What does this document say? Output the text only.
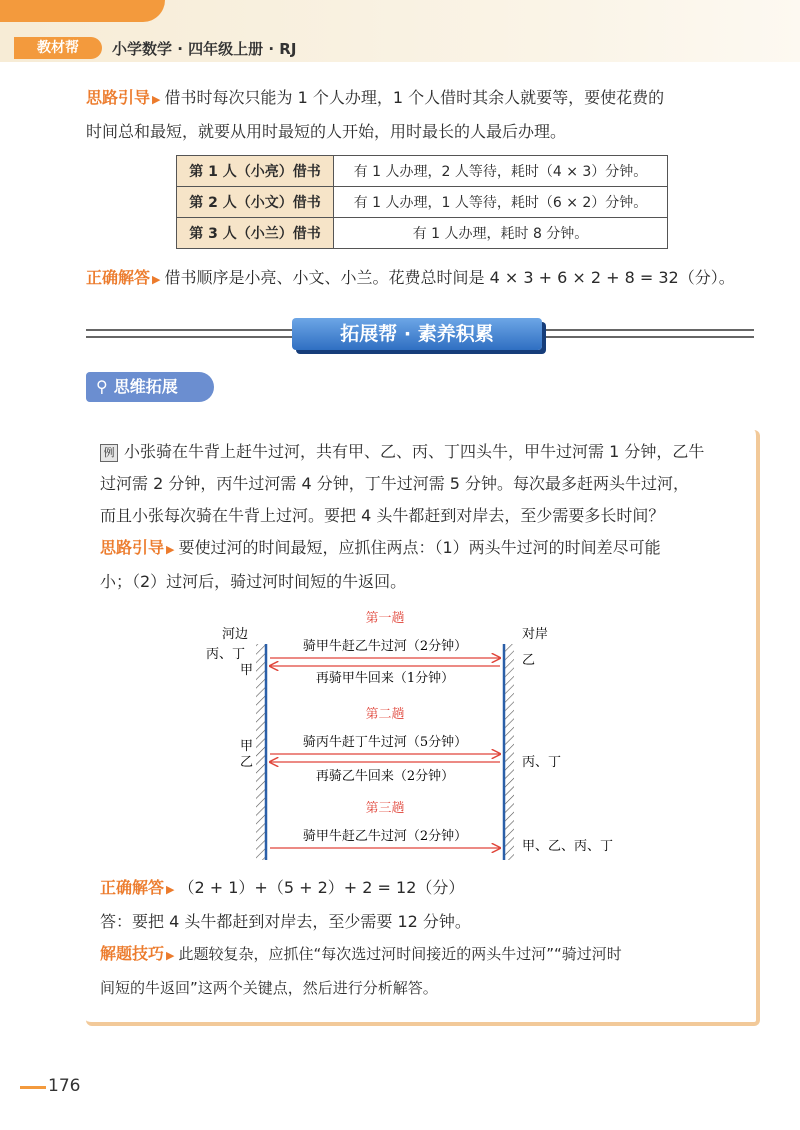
教材帮	小学数学 · 四年级上册 · RJ
思路引导 ▶ 借书时每次只能为 1 个人办理，1 个人借时其余人就要等，要使花费的
时间总和最短，就要从用时最短的人开始，用时最长的人最后办理。
第 1 人（小亮）借书	有 1 人办理，2 人等待，耗时（4 × 3）分钟。
第 2 人（小文）借书	有 1 人办理，1 人等待，耗时（6 × 2）分钟。
第 3 人（小兰）借书	有 1 人办理，耗时 8 分钟。
正确解答 ▶ 借书顺序是小亮、小文、小兰。花费总时间是 4 × 3 + 6 × 2 + 8 = 32（分）。
拓展帮 · 素养积累
⚲ 思维拓展
例 小张骑在牛背上赶牛过河，共有甲、乙、丙、丁四头牛，甲牛过河需 1 分钟，乙牛
过河需 2 分钟，丙牛过河需 4 分钟，丁牛过河需 5 分钟。每次最多赶两头牛过河，
而且小张每次骑在牛背上过河。要把 4 头牛都赶到对岸去，至少需要多长时间？
思路引导 ▶ 要使过河的时间最短，应抓住两点：（1）两头牛过河的时间差尽可能
小；（2）过河后，骑过河时间短的牛返回。
河边	对岸
第一趟
丙、丁
甲
乙
骑甲牛赶乙牛过河（2分钟）
再骑甲牛回来（1分钟）
第二趟
甲
乙	丙、丁
骑丙牛赶丁牛过河（5分钟）
再骑乙牛回来（2分钟）
第三趟
骑甲牛赶乙牛过河（2分钟）
甲、乙、丙、丁
正确解答 ▶ （2 + 1）+（5 + 2）+ 2 = 12（分）
答：要把 4 头牛都赶到对岸去，至少需要 12 分钟。
解题技巧 ▶ 此题较复杂，应抓住“每次选过河时间接近的两头牛过河”“骑过河时
间短的牛返回”这两个关键点，然后进行分析解答。
176
